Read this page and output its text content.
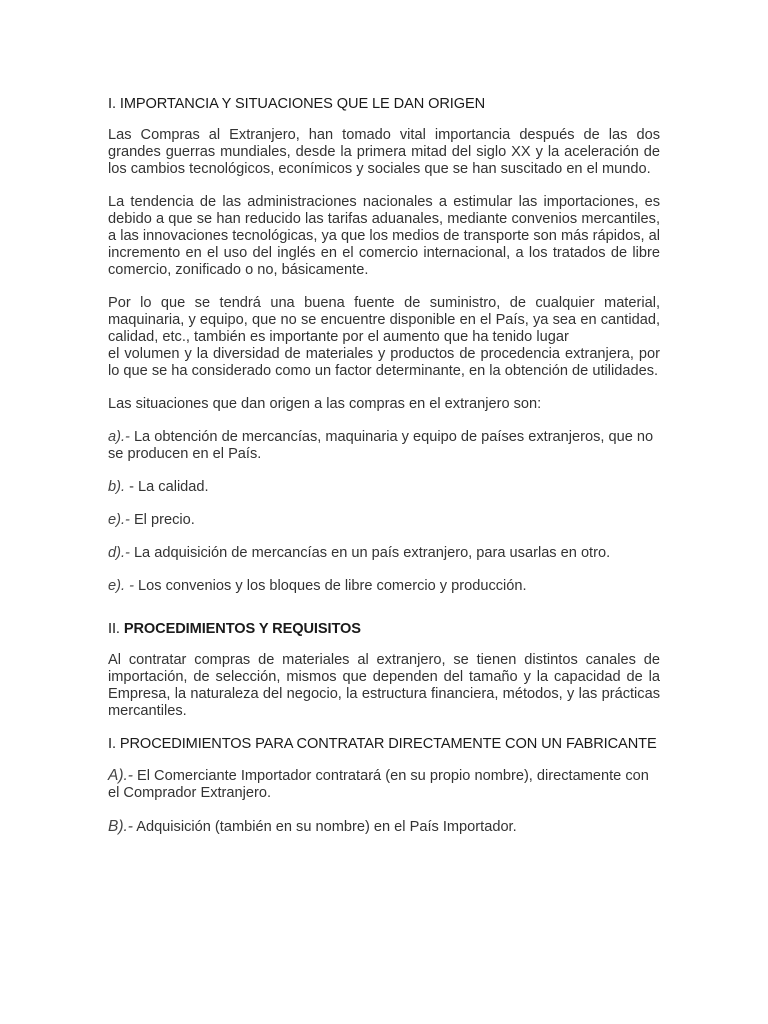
I. IMPORTANCIA Y SITUACIONES QUE LE DAN ORIGEN

Las Compras al Extranjero, han tomado vital importancia después de las dos grandes guerras mundiales, desde la primera mitad del siglo XX y la aceleración de los cambios tecnológicos, econímicos y sociales que se han suscitado en el mundo.

La tendencia de las administraciones nacionales a estimular las importaciones, es debido a que se han reducido las tarifas aduanales, mediante convenios mercantiles, a las innovaciones tecnológicas, ya que los medios de transporte son más rápidos, al incremento en el uso del inglés en el comercio internacional, a los tratados de libre comercio, zonificado o no, básicamente.

Por lo que se tendrá una buena fuente de suministro, de cualquier material, maquinaria, y equipo, que no se encuentre disponible en el País, ya sea en cantidad, calidad, etc., también es importante por el aumento que ha tenido lugar

el volumen y la diversidad de materiales y productos de procedencia extranjera, por lo que se ha considerado como un factor determinante, en la obtención de utilidades.

Las situaciones que dan origen a las compras en el extranjero son:

a).- La obtención de mercancías, maquinaria y equipo de países extranjeros, que no se producen en el País.
b). - La calidad.
e).- El precio.
d).- La adquisición de mercancías en un país extranjero, para usarlas en otro.
e). - Los convenios y los bloques de libre comercio y producción.
II. PROCEDIMIENTOS Y REQUISITOS

Al contratar compras de materiales al extranjero, se tienen distintos canales de importación, de selección, mismos que dependen del tamaño y la capacidad de la Empresa, la naturaleza del negocio, la estructura financiera, métodos, y las prácticas mercantiles.

I. PROCEDIMIENTOS PARA CONTRATAR DIRECTAMENTE CON UN FABRICANTE
A).- El Comerciante Importador contratará (en su propio nombre), directamente con el Comprador Extranjero.
B).- Adquisición (también en su nombre) en el País Importador.
